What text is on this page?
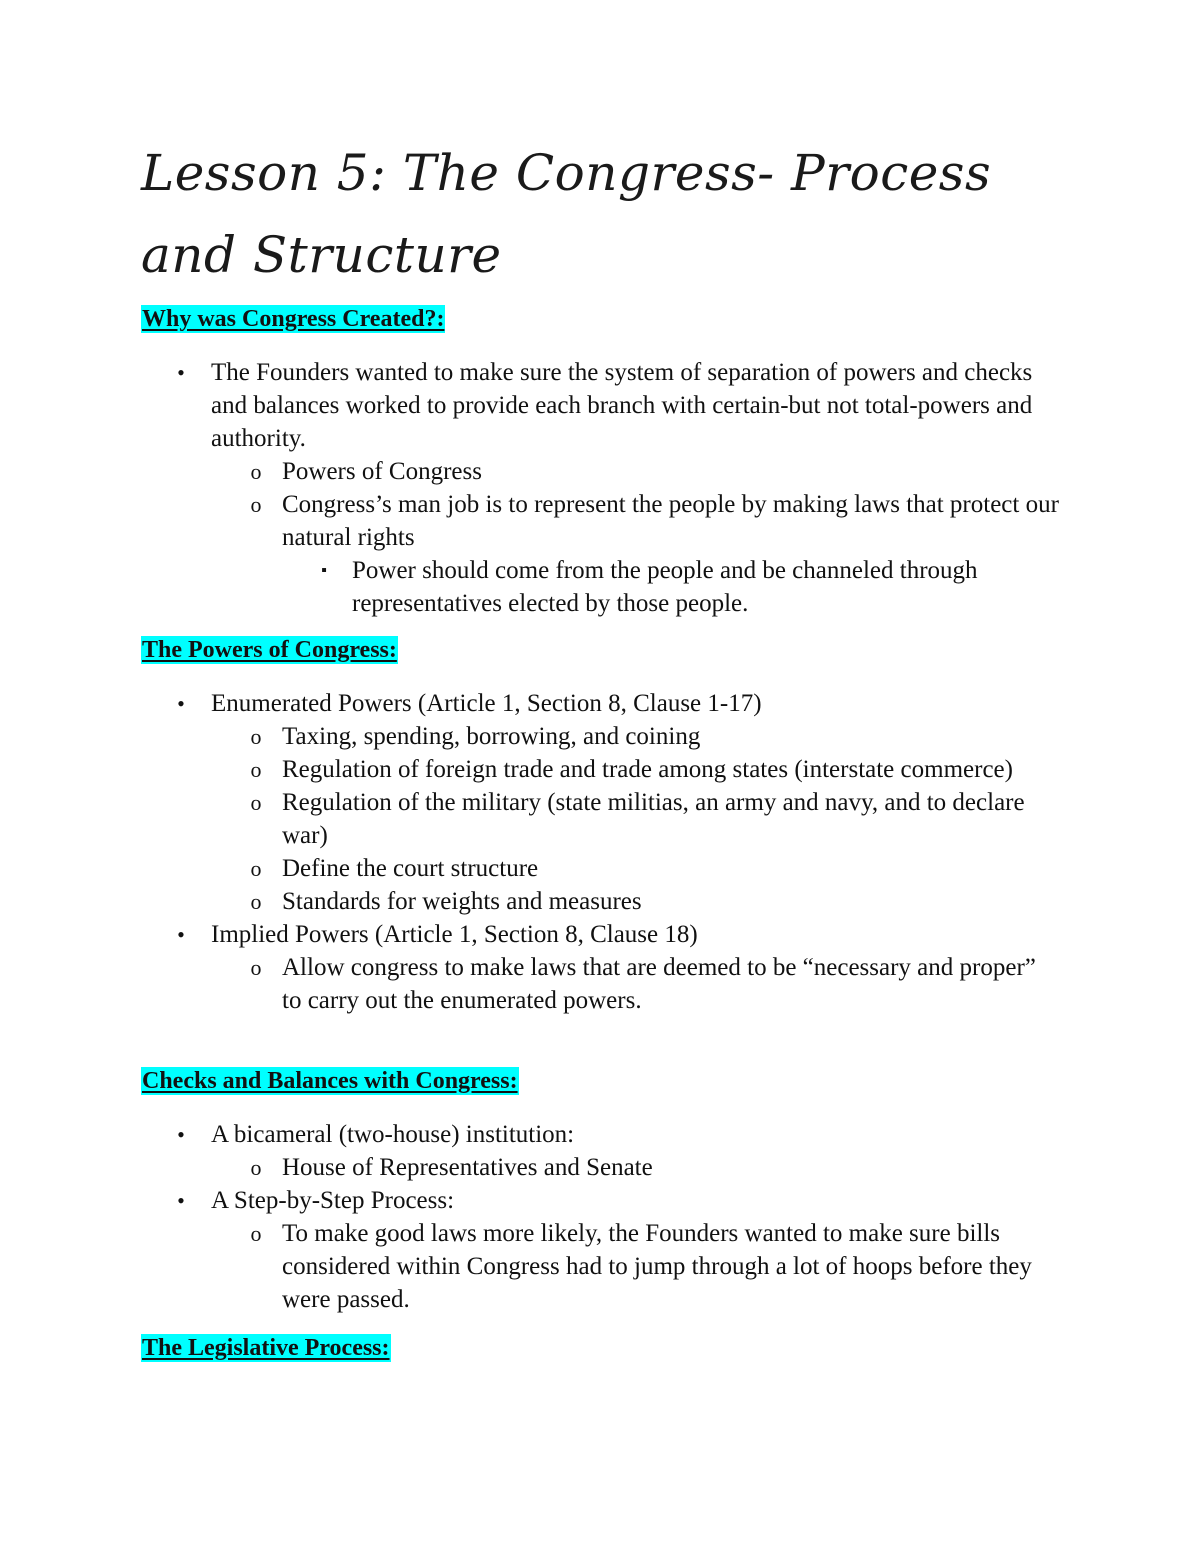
Lesson 5: The Congress- Process and Structure
Why was Congress Created?:
•	The Founders wanted to make sure the system of separation of powers and checks and balances worked to provide each branch with certain-but not total-powers and authority.
o Powers of Congress
o Congress’s man job is to represent the people by making laws that protect our natural rights
▪	Power should come from the people and be channeled through representatives elected by those people.
The Powers of Congress:
•	Enumerated Powers (Article 1, Section 8, Clause 1-17)
o Taxing, spending, borrowing, and coining
o Regulation of foreign trade and trade among states (interstate commerce)
o Regulation of the military (state militias, an army and navy, and to declare war)
o Define the court structure
o Standards for weights and measures
•	Implied Powers (Article 1, Section 8, Clause 18)
o Allow congress to make laws that are deemed to be “necessary and proper” to carry out the enumerated powers.
Checks and Balances with Congress:
•	A bicameral (two-house) institution:
o House of Representatives and Senate
•	A Step-by-Step Process:
o To make good laws more likely, the Founders wanted to make sure bills considered within Congress had to jump through a lot of hoops before they were passed.
The Legislative Process:
